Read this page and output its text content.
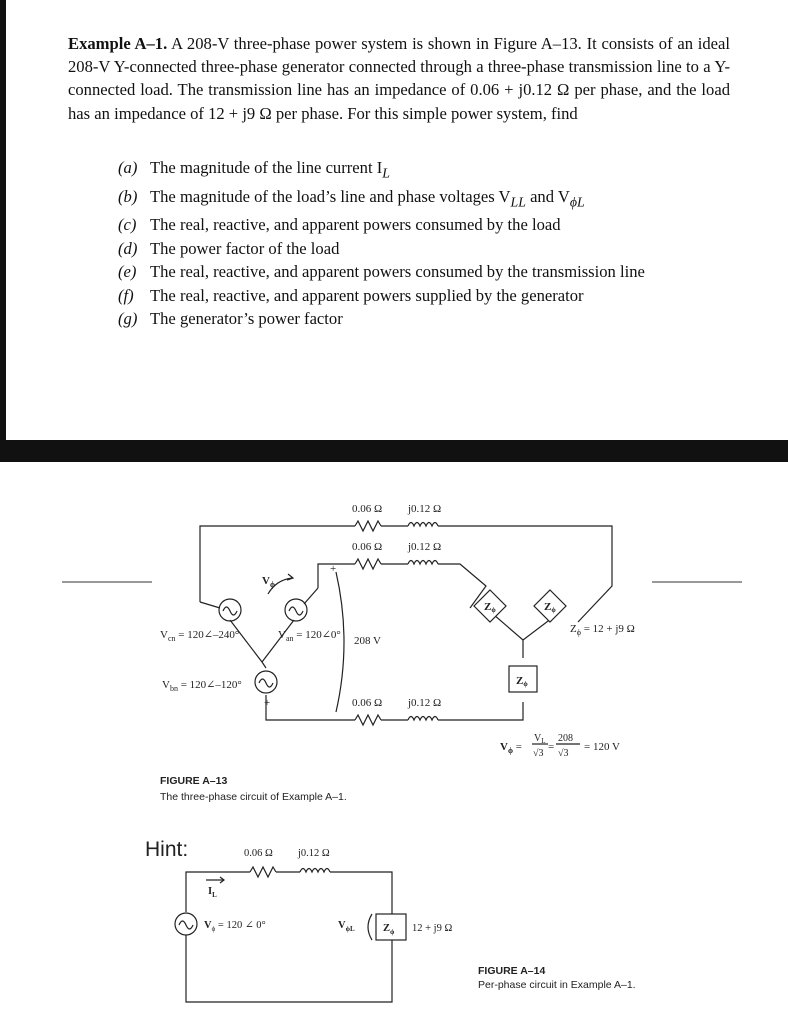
Example A–1. A 208-V three-phase power system is shown in Figure A–13. It consists of an ideal 208-V Y-connected three-phase generator connected through a three-phase transmission line to a Y-connected load. The transmission line has an impedance of 0.06 + j0.12 Ω per phase, and the load has an impedance of 12 + j9 Ω per phase. For this simple power system, find
(a) The magnitude of the line current $I_L$
(b) The magnitude of the load’s line and phase voltages $V_{LL}$ and $V_{\phi L}$
(c) The real, reactive, and apparent powers consumed by the load
(d) The power factor of the load
(e) The real, reactive, and apparent powers consumed by the transmission line
(f) The real, reactive, and apparent powers supplied by the generator
(g) The generator’s power factor
0.06 Ω j0.12 Ω
0.06 Ω j0.12 Ω
0.06 Ω j0.12 Ω
208 V
+
+
$V_\phi$
$V_{cn}$ = 120∠–240°	$V_{an}$ = 120∠0°
$V_{bn}$ = 120∠–120°
Zϕ	Zϕ
Zϕ
$Z_\phi = 12 + j9$ Ω
$V_\phi$ =
$V_L$
√3
=
208
√3
= 120 V
FIGURE A–13
The three-phase circuit of Example A–1.
Hint:	0.06 Ω j0.12 Ω
$I_L$
$V_\phi = 120$ ∠ 0°	$V_{\phi L}$	$Z_\phi$ 12 + j9 Ω
FIGURE A–14
Per-phase circuit in Example A–1.
